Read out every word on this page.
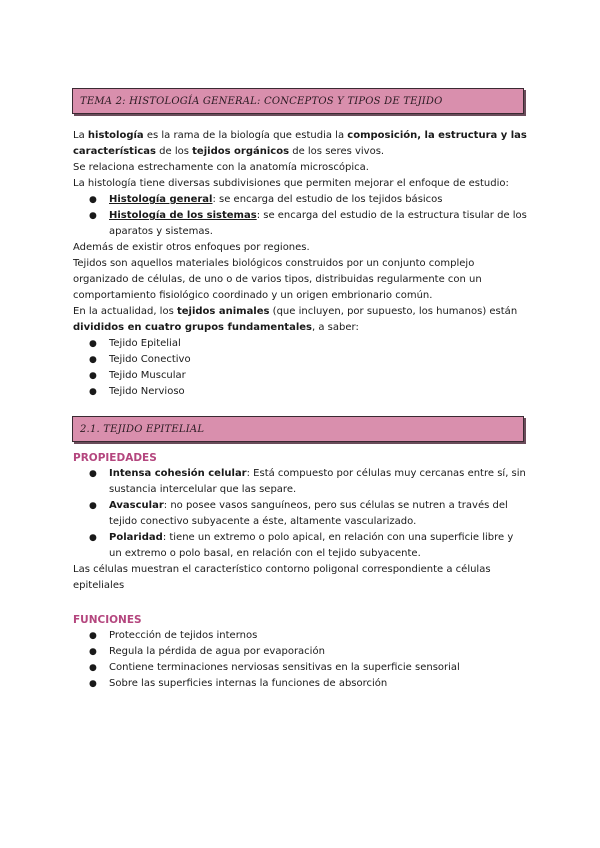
TEMA 2: HISTOLOGÍA GENERAL: CONCEPTOS Y TIPOS DE TEJIDO

La histología es la rama de la biología que estudia la composición, la estructura y las características de los tejidos orgánicos de los seres vivos.

Se relaciona estrechamente con la anatomía microscópica.

La histología tiene diversas subdivisiones que permiten mejorar el enfoque de estudio:

● Histología general: se encarga del estudio de los tejidos básicos
● Histología de los sistemas: se encarga del estudio de la estructura tisular de los aparatos y sistemas.

Además de existir otros enfoques por regiones.

Tejidos son aquellos materiales biológicos construidos por un conjunto complejo organizado de células, de uno o de varios tipos, distribuidas regularmente con un comportamiento fisiológico coordinado y un origen embrionario común.

En la actualidad, los tejidos animales (que incluyen, por supuesto, los humanos) están divididos en cuatro grupos fundamentales, a saber:

● Tejido Epitelial
● Tejido Conectivo
● Tejido Muscular
● Tejido Nervioso
2.1. TEJIDO EPITELIAL

PROPIEDADES

● Intensa cohesión celular: Está compuesto por células muy cercanas entre sí, sin sustancia intercelular que las separe.
● Avascular: no posee vasos sanguíneos, pero sus células se nutren a través del tejido conectivo subyacente a éste, altamente vascularizado.
● Polaridad: tiene un extremo o polo apical, en relación con una superficie libre y un extremo o polo basal, en relación con el tejido subyacente.

Las células muestran el característico contorno poligonal correspondiente a células epiteliales

FUNCIONES

● Protección de tejidos internos
● Regula la pérdida de agua por evaporación
● Contiene terminaciones nerviosas sensitivas en la superficie sensorial
● Sobre las superficies internas la funciones de absorción
